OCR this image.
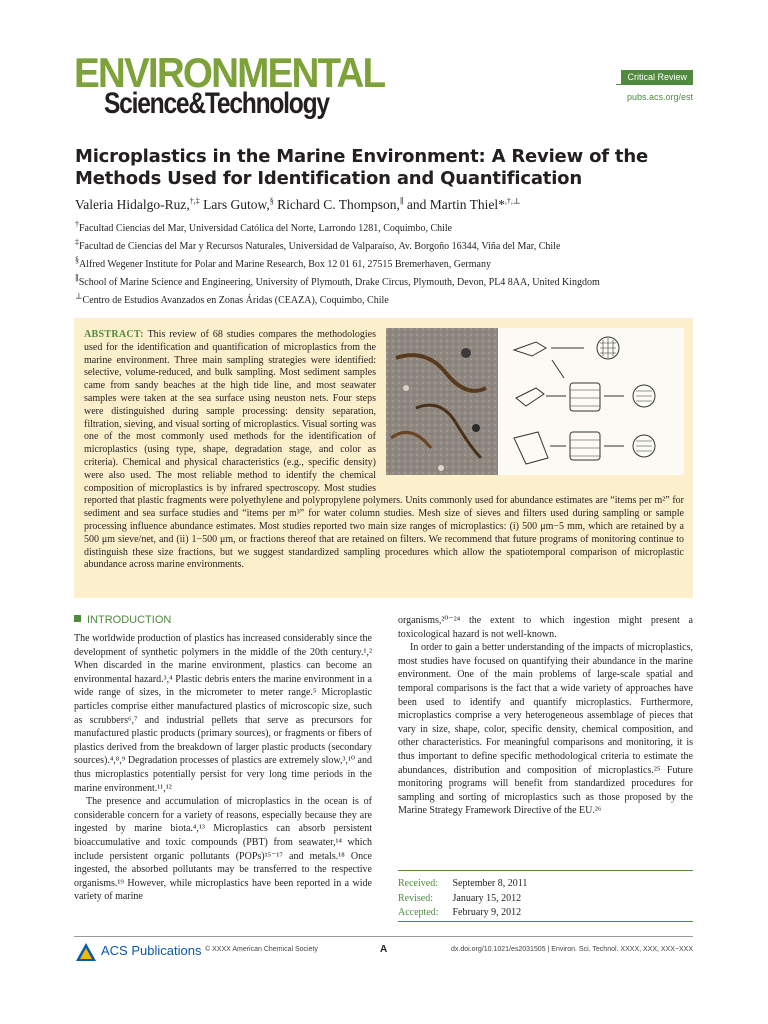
ENVIRONMENTAL
Science&Technology
Critical Review
pubs.acs.org/est
Microplastics in the Marine Environment: A Review of the Methods Used for Identification and Quantification
Valeria Hidalgo-Ruz,†,‡ Lars Gutow,§ Richard C. Thompson,∥ and Martin Thiel*,†,⊥
†Facultad Ciencias del Mar, Universidad Católica del Norte, Larrondo 1281, Coquimbo, Chile
‡Facultad de Ciencias del Mar y Recursos Naturales, Universidad de Valparaíso, Av. Borgoño 16344, Viña del Mar, Chile
§Alfred Wegener Institute for Polar and Marine Research, Box 12 01 61, 27515 Bremerhaven, Germany
∥School of Marine Science and Engineering, University of Plymouth, Drake Circus, Plymouth, Devon, PL4 8AA, United Kingdom
⊥Centro de Estudios Avanzados en Zonas Áridas (CEAZA), Coquimbo, Chile
ABSTRACT: This review of 68 studies compares the methodologies used for the identification and quantification of microplastics from the marine environment. Three main sampling strategies were identified: selective, volume-reduced, and bulk sampling. Most sediment samples came from sandy beaches at the high tide line, and most seawater samples were taken at the sea surface using neuston nets. Four steps were distinguished during sample processing: density separation, filtration, sieving, and visual sorting of microplastics. Visual sorting was one of the most commonly used methods for the identification of microplastics (using type, shape, degradation stage, and color as criteria). Chemical and physical characteristics (e.g., specific density) were also used. The most reliable method to identify the chemical composition of microplastics is by infrared spectroscopy. Most studies reported that plastic fragments were polyethylene and polypropylene polymers. Units commonly used for abundance estimates are “items per m²” for sediment and sea surface studies and “items per m³” for water column studies. Mesh size of sieves and filters used during sampling or sample processing influence abundance estimates. Most studies reported two main size ranges of microplastics: (i) 500 μm−5 mm, which are retained by a 500 μm sieve/net, and (ii) 1−500 μm, or fractions thereof that are retained on filters. We recommend that future programs of monitoring continue to distinguish these size fractions, but we suggest standardized sampling procedures which allow the spatiotemporal comparison of microplastic abundance across marine environments.
INTRODUCTION

The worldwide production of plastics has increased considerably since the development of synthetic polymers in the middle of the 20th century.¹,² When discarded in the marine environment, plastics can become an environmental hazard.³,⁴ Plastic debris enters the marine environment in a wide range of sizes, in the micrometer to meter range.⁵ Microplastic particles comprise either manufactured plastics of microscopic size, such as scrubbers⁶,⁷ and industrial pellets that serve as precursors for manufactured plastic products (primary sources), or fragments or fibers of plastics derived from the breakdown of larger plastic products (secondary sources).⁴,⁸,⁹ Degradation processes of plastics are extremely slow,³,¹⁰ and thus microplastics potentially persist for very long time periods in the marine environment.¹¹,¹²

The presence and accumulation of microplastics in the ocean is of considerable concern for a variety of reasons, especially because they are ingested by marine biota.⁴,¹³ Microplastics can absorb persistent bioaccumulative and toxic compounds (PBT) from seawater,¹⁴ which include persistent organic pollutants (POPs)¹⁵⁻¹⁷ and metals.¹⁸ Once ingested, the absorbed pollutants may be transferred to the respective organisms.¹⁹ However, while microplastics have been reported in a wide variety of marine

organisms,²⁰⁻²⁴ the extent to which ingestion might present a toxicological hazard is not well-known.

In order to gain a better understanding of the impacts of microplastics, most studies have focused on quantifying their abundance in the marine environment. One of the main problems of large-scale spatial and temporal comparisons is the fact that a wide variety of approaches have been used to identify and quantify microplastics. Furthermore, microplastics comprise a very heterogeneous assemblage of pieces that vary in size, shape, color, specific density, chemical composition, and other characteristics. For meaningful comparisons and monitoring, it is thus important to define specific methodological criteria to estimate the abundances, distribution and composition of microplastics.²⁵ Future monitoring programs will benefit from standardized procedures for sampling and sorting of microplastics such as those proposed by the Marine Strategy Framework Directive of the EU.²⁶

Received: September 8, 2011
Revised: January 15, 2012
Accepted: February 9, 2012
ACS Publications © XXXX American Chemical Society	A	dx.doi.org/10.1021/es2031505 | Environ. Sci. Technol. XXXX, XXX, XXX−XXX
